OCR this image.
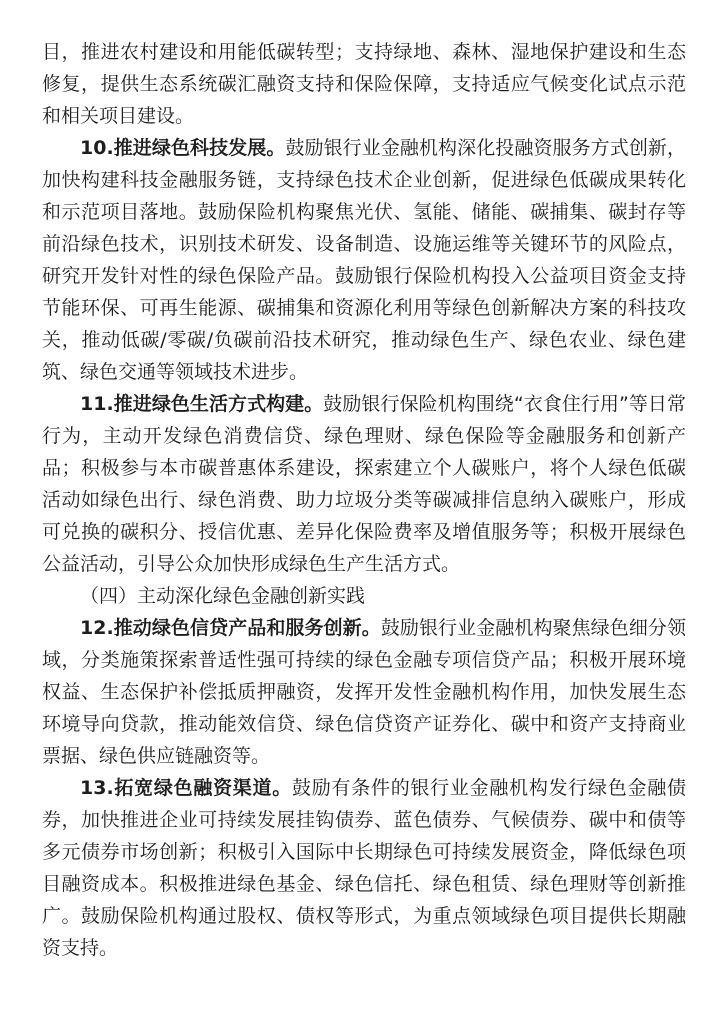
目，推进农村建设和用能低碳转型；支持绿地、森林、湿地保护建设和生态修复，提供生态系统碳汇融资支持和保险保障，支持适应气候变化试点示范和相关项目建设。

10.推进绿色科技发展。鼓励银行业金融机构深化投融资服务方式创新，加快构建科技金融服务链，支持绿色技术企业创新，促进绿色低碳成果转化和示范项目落地。鼓励保险机构聚焦光伏、氢能、储能、碳捕集、碳封存等前沿绿色技术，识别技术研发、设备制造、设施运维等关键环节的风险点，研究开发针对性的绿色保险产品。鼓励银行保险机构投入公益项目资金支持节能环保、可再生能源、碳捕集和资源化利用等绿色创新解决方案的科技攻关，推动低碳/零碳/负碳前沿技术研究，推动绿色生产、绿色农业、绿色建筑、绿色交通等领域技术进步。

11.推进绿色生活方式构建。鼓励银行保险机构围绕“衣食住行用”等日常行为，主动开发绿色消费信贷、绿色理财、绿色保险等金融服务和创新产品；积极参与本市碳普惠体系建设，探索建立个人碳账户，将个人绿色低碳活动如绿色出行、绿色消费、助力垃圾分类等碳减排信息纳入碳账户，形成可兑换的碳积分、授信优惠、差异化保险费率及增值服务等；积极开展绿色公益活动，引导公众加快形成绿色生产生活方式。

（四）主动深化绿色金融创新实践

12.推动绿色信贷产品和服务创新。鼓励银行业金融机构聚焦绿色细分领域，分类施策探索普适性强可持续的绿色金融专项信贷产品；积极开展环境权益、生态保护补偿抵质押融资，发挥开发性金融机构作用，加快发展生态环境导向贷款，推动能效信贷、绿色信贷资产证券化、碳中和资产支持商业票据、绿色供应链融资等。

13.拓宽绿色融资渠道。鼓励有条件的银行业金融机构发行绿色金融债券，加快推进企业可持续发展挂钩债券、蓝色债券、气候债券、碳中和债等多元债券市场创新；积极引入国际中长期绿色可持续发展资金，降低绿色项目融资成本。积极推进绿色基金、绿色信托、绿色租赁、绿色理财等创新推广。鼓励保险机构通过股权、债权等形式，为重点领域绿色项目提供长期融资支持。
